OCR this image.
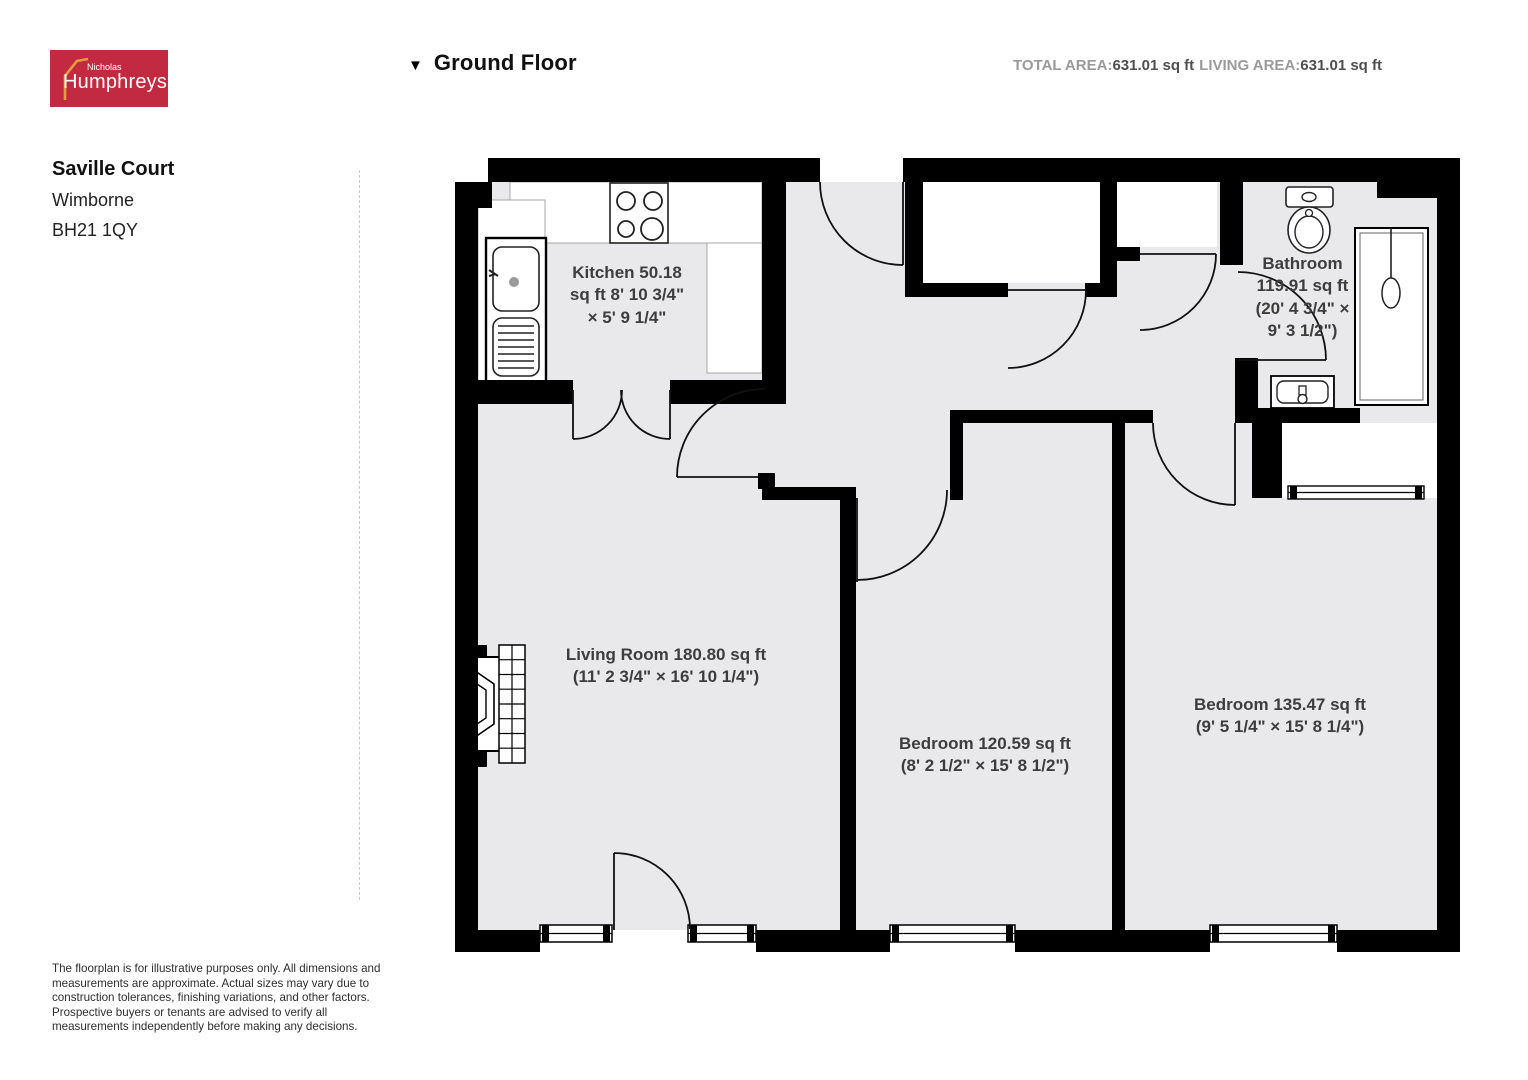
Nicholas
Humphreys
▼ Ground Floor	TOTAL AREA:631.01 sq ft LIVING AREA:631.01 sq ft
Saville Court
Wimborne
BH21 1QY
The floorplan is for illustrative purposes only. All dimensions and measurements are approximate. Actual sizes may vary due to construction tolerances, finishing variations, and other factors. Prospective buyers or tenants are advised to verify all measurements independently before making any decisions.
Kitchen 50.18 sq ft 8' 10 3/4" × 5' 9 1/4"
Bathroom 119.91 sq ft (20' 4 3/4" × 9' 3 1/2")
Living Room 180.80 sq ft
(11' 2 3/4" × 16' 10 1/4")
Bedroom 120.59 sq ft
(8' 2 1/2" × 15' 8 1/2")
Bedroom 135.47 sq ft
(9' 5 1/4" × 15' 8 1/4")
